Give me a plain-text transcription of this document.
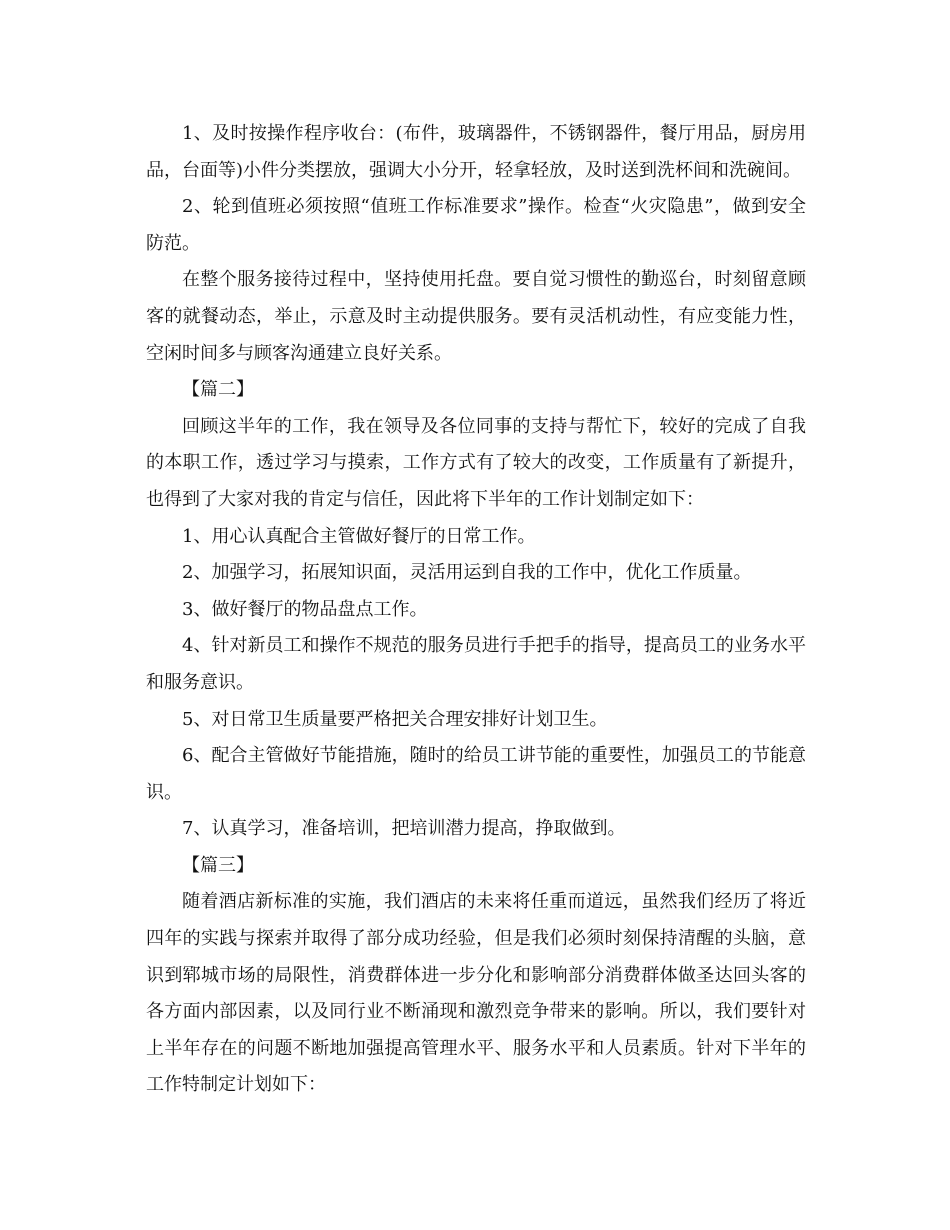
1、及时按操作程序收台：(布件，玻璃器件，不锈钢器件，餐厅用品，厨房用品，台面等)小件分类摆放，强调大小分开，轻拿轻放，及时送到洗杯间和洗碗间。

2、轮到值班必须按照“值班工作标准要求”操作。检查“火灾隐患”，做到安全防范。

在整个服务接待过程中，坚持使用托盘。要自觉习惯性的勤巡台，时刻留意顾客的就餐动态，举止，示意及时主动提供服务。要有灵活机动性，有应变能力性，空闲时间多与顾客沟通建立良好关系。

【篇二】

回顾这半年的工作，我在领导及各位同事的支持与帮忙下，较好的完成了自我的本职工作，透过学习与摸索，工作方式有了较大的改变，工作质量有了新提升，也得到了大家对我的肯定与信任，因此将下半年的工作计划制定如下：

1、用心认真配合主管做好餐厅的日常工作。

2、加强学习，拓展知识面，灵活用运到自我的工作中，优化工作质量。

3、做好餐厅的物品盘点工作。

4、针对新员工和操作不规范的服务员进行手把手的指导，提高员工的业务水平和服务意识。

5、对日常卫生质量要严格把关合理安排好计划卫生。

6、配合主管做好节能措施，随时的给员工讲节能的重要性，加强员工的节能意识。

7、认真学习，准备培训，把培训潜力提高，挣取做到。

【篇三】

随着酒店新标准的实施，我们酒店的未来将任重而道远，虽然我们经历了将近四年的实践与探索并取得了部分成功经验，但是我们必须时刻保持清醒的头脑，意识到郓城市场的局限性，消费群体进一步分化和影响部分消费群体做圣达回头客的各方面内部因素，以及同行业不断涌现和激烈竞争带来的影响。所以，我们要针对上半年存在的问题不断地加强提高管理水平、服务水平和人员素质。针对下半年的工作特制定计划如下：
